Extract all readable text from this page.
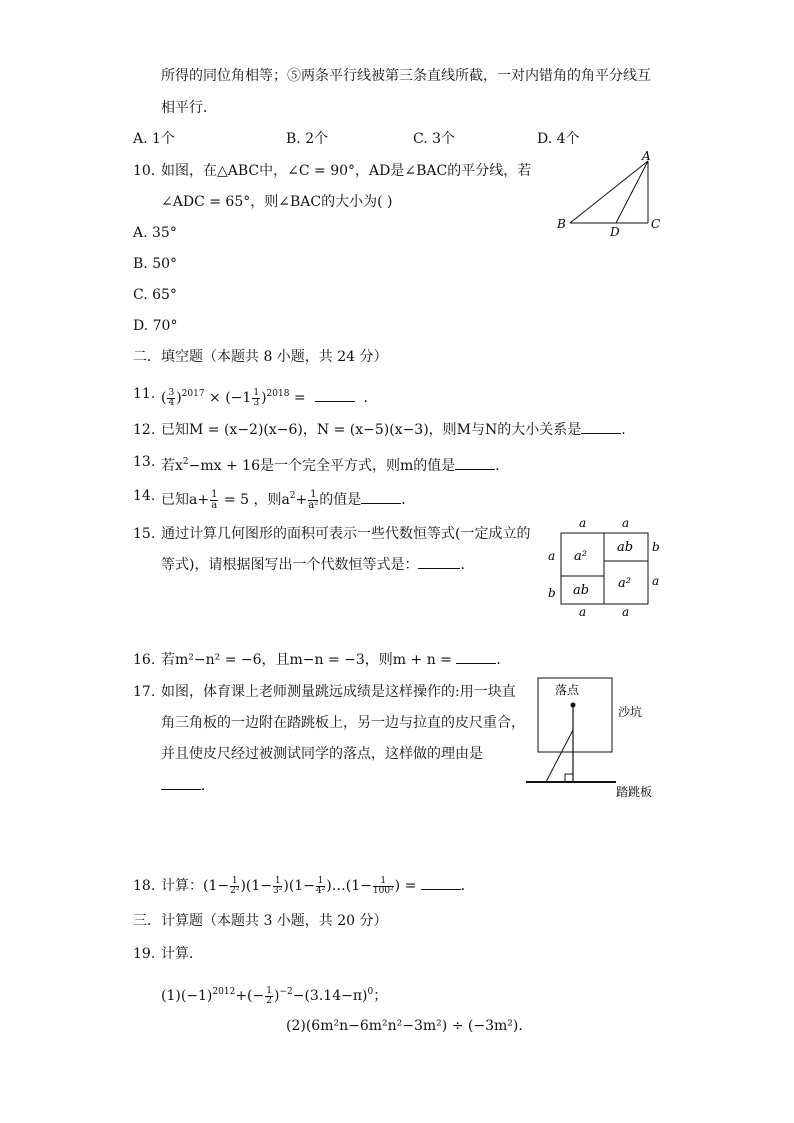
所得的同位角相等；⑤两条平行线被第三条直线所截，一对内错角的角平分线互
相平行．
A. 1个	B. 2个	C. 3个	D. 4个
10. 如图，在△ABC中，∠C = 90°，AD是∠BAC的平分线，若
∠ADC = 65°，则∠BAC的大小为( )
A. 35°
B. 50°
C. 65°
D. 70°
A
B	C
D
二．填空题（本题共 8 小题，共 24 分）
11. ( $\frac{3}{4} )^{2017} \times (-1 \frac{1}{3} )^{2018}$ =	．
12. 已知M = (x−2)(x−6)，N = (x−5)(x−3)，则M与N的大小关系是	．
13. 若$x^2-mx + 16$是一个完全平方式，则m的值是	．
14. 已知$a+ \frac{1}{a} = 5$ ，则$a^2+ \frac{1}{\text{a²}}$ 的值是	．
15. 通过计算几何图形的面积可表示一些代数恒等式(一定成立的
等式)，请根据图写出一个代数恒等式是：	．
a	a
a
b
b
a
a	a
a²
ab
ab a²
16. 若m²−n² = −6，且m−n = −3，则m + n =	．
17. 如图，体育课上老师测量跳远成绩是这样操作的:用一块直
角三角板的一边附在踏跳板上，另一边与拉直的皮尺重合，
并且使皮尺经过被测试同学的落点，这样做的理由是
．
落点
沙坑
踏跳板
18. 计算：$(1- \frac{1}{\text{2²}} )(1- \frac{1}{\text{3²}} )(1- \frac{1}{\text{4²}}$ )…(1− $\frac{1}{\text{100²}}$ ) =	．
三．计算题（本题共 3 小题，共 20 分）
19. 计算．
$(1)(-1)^{2012}+(- \frac{1}{2} )^{-2}-(3.14-\pi)^0$；
(2)(6m²n−6m²n²−3m²) ÷ (−3m²).
